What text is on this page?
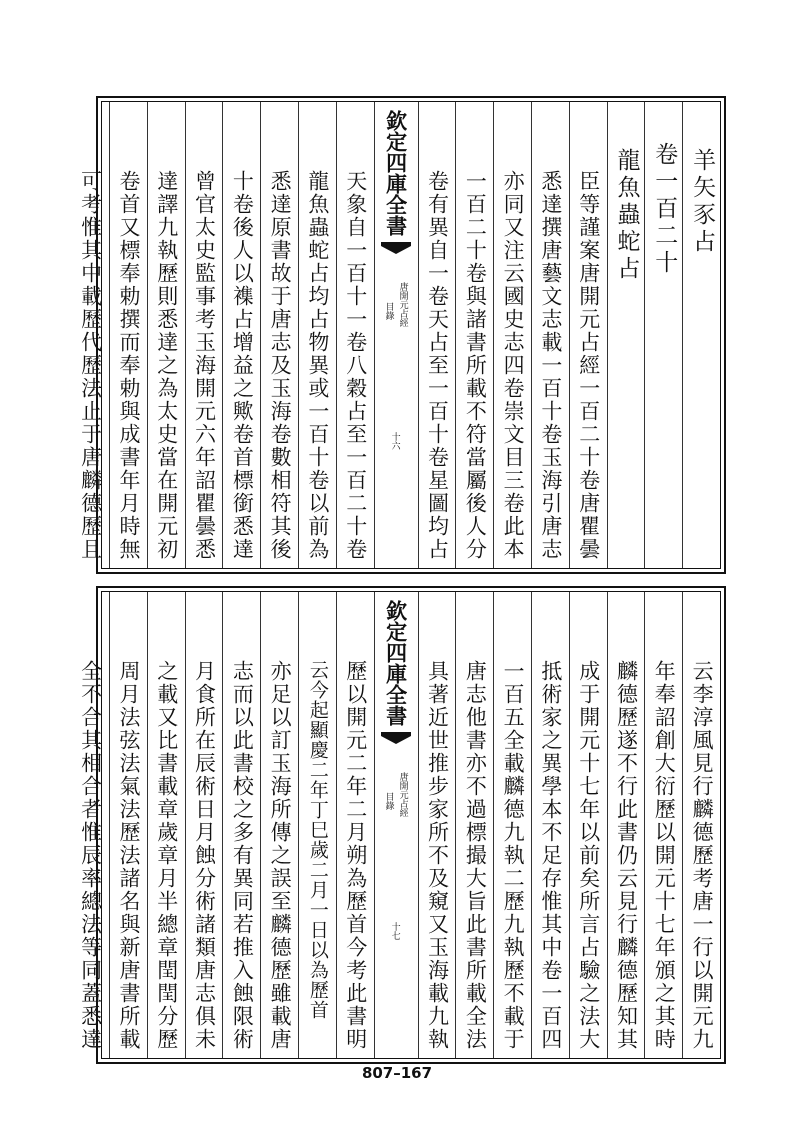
羊矢豕占
卷一百二十
龍魚蟲蛇占
臣等謹案唐開元占經一百二十卷唐瞿曇
悉達撰唐藝文志載一百十卷玉海引唐志
亦同又注云國史志四卷崇文目三卷此本
一百二十卷與諸書所載不符當屬後人分
卷有異自一卷天占至一百十卷星圖均占
欽定四庫全書
唐開元占經
目錄
十六
天象自一百十一卷八穀占至一百二十卷
龍魚蟲蛇占均占物異或一百十卷以前為
悉達原書故于唐志及玉海卷數相符其後
十卷後人以襍占增益之歟卷首標銜悉達
曾官太史監事考玉海開元六年詔瞿曇悉
達譯九執歷則悉達之為太史當在開元初
卷首又標奉勅撰而奉勅與成書年月時無
可考惟其中載歷代歷法止于唐麟德歷且
云李淳風見行麟德歷考唐一行以開元九
年奉詔創大衍歷以開元十七年頒之其時
麟德歷遂不行此書仍云見行麟德歷知其
成于開元十七年以前矣所言占驗之法大
抵術家之異學本不足存惟其中卷一百四
一百五全載麟德九執二歷九執歷不載于
唐志他書亦不過標撮大旨此書所載全法
具著近世推步家所不及窺又玉海載九執
欽定四庫全書
唐開元占經
目錄
十七
歷以開元二年二月朔為歷首今考此書明
云今起顯慶二年丁巳歲二月一日以為歷首
亦足以訂玉海所傳之誤至麟德歷雖載唐
志而以此書校之多有異同若推入蝕限術
月食所在辰術日月蝕分術諸類唐志俱未
之載又比書載章歲章月半總章閏閏分歷
周月法弦法氣法歷法諸名與新唐書所載
全不合其相合者惟辰率總法等同蓋悉達
807–167
